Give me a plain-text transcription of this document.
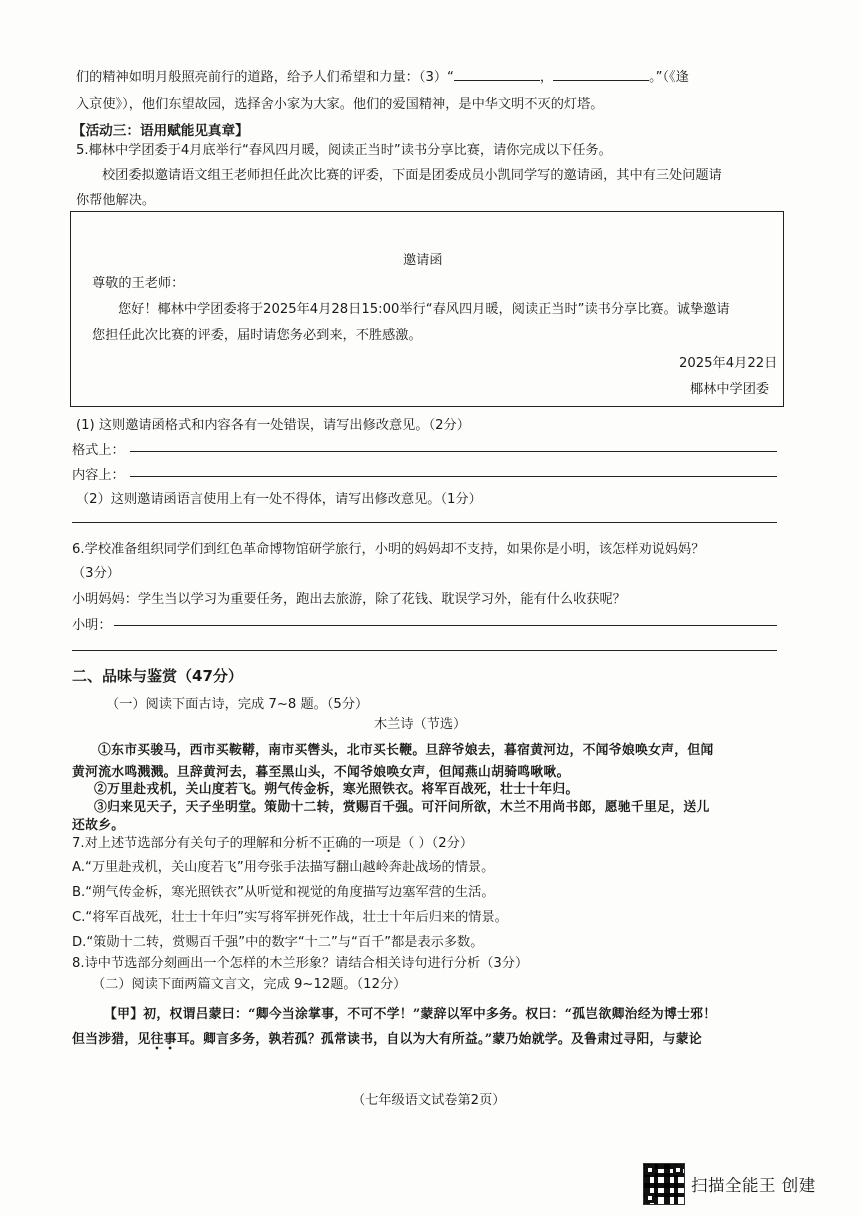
们的精神如明月般照亮前行的道路，给予人们希望和力量：（3）“	，	。”（《逢
入京使》），他们东望故园，选择舍小家为大家。他们的爱国精神，是中华文明不灭的灯塔。
【活动三：语用赋能见真章】
5.椰林中学团委于4月底举行“春风四月暖，阅读正当时”读书分享比赛，请你完成以下任务。
校团委拟邀请语文组王老师担任此次比赛的评委，下面是团委成员小凯同学写的邀请函，其中有三处问题请
你帮他解决。
邀请函
尊敬的王老师：
您好！椰林中学团委将于2025年4月28日15:00举行“春风四月暖，阅读正当时”读书分享比赛。诚挚邀请
您担任此次比赛的评委，届时请您务必到来，不胜感激。
2025年4月22日
椰林中学团委
(1) 这则邀请函格式和内容各有一处错误，请写出修改意见。（2分）
格式上：
内容上：
（2）这则邀请函语言使用上有一处不得体，请写出修改意见。（1分）
6.学校准备组织同学们到红色革命博物馆研学旅行，小明的妈妈却不支持，如果你是小明，该怎样劝说妈妈？
（3分）
小明妈妈：学生当以学习为重要任务，跑出去旅游，除了花钱、耽误学习外，能有什么收获呢？
小明：
二、品味与鉴赏（47分）
（一）阅读下面古诗，完成 7~8 题。（5分）
木兰诗（节选）
①东市买骏马，西市买鞍鞯，南市买辔头，北市买长鞭。旦辞爷娘去，暮宿黄河边，不闻爷娘唤女声，但闻
黄河流水鸣溅溅。旦辞黄河去，暮至黑山头，不闻爷娘唤女声，但闻燕山胡骑鸣啾啾。
②万里赴戎机，关山度若飞。朔气传金柝，寒光照铁衣。将军百战死，壮士十年归。
③归来见天子，天子坐明堂。策勋十二转，赏赐百千强。可汗问所欲，木兰不用尚书郎，愿驰千里足，送儿
还故乡。
7.对上述节选部分有关句子的理解和分析不正确的一项是（ ）（2分）
A.“万里赴戎机，关山度若飞”用夸张手法描写翻山越岭奔赴战场的情景。
B.“朔气传金柝，寒光照铁衣”从听觉和视觉的角度描写边塞军营的生活。
C.“将军百战死，壮士十年归”实写将军拼死作战，壮士十年后归来的情景。
D.“策勋十二转，赏赐百千强”中的数字“十二”与“百千”都是表示多数。
8.诗中节选部分刻画出一个怎样的木兰形象？请结合相关诗句进行分析（3分）
（二）阅读下面两篇文言文，完成 9~12题。（12分）
【甲】初，权谓吕蒙曰：“卿今当涂掌事，不可不学！”蒙辞以军中多务。权曰：“孤岂欲卿治经为博士邪！
但当涉猎，见往事耳。卿言多务，孰若孤？孤常读书，自以为大有所益。”蒙乃始就学。及鲁肃过寻阳，与蒙论
（七年级语文试卷第2页）
扫描全能王 创建
